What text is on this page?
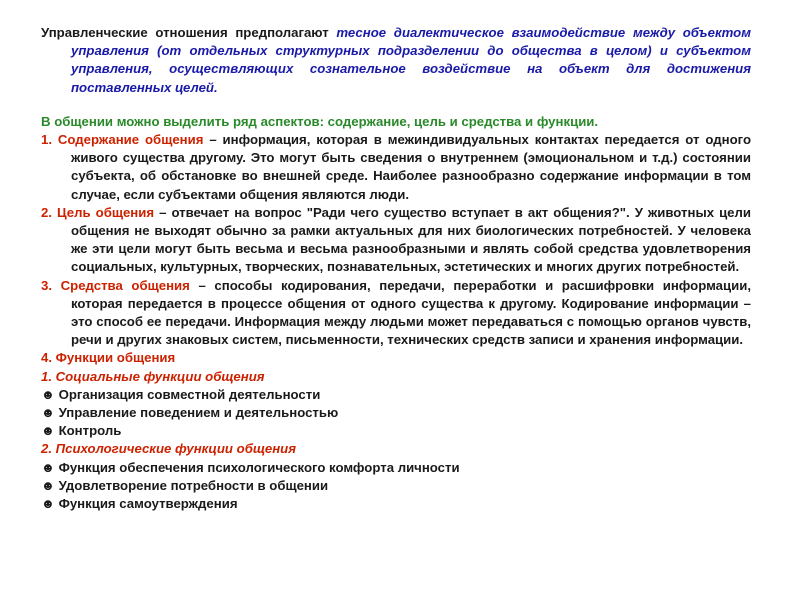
Управленческие отношения предполагают тесное диалектическое взаимодействие между объектом управления (от отдельных структурных подразделении до общества в целом) и субъектом управления, осуществляющих сознательное воздействие на объект для достижения поставленных целей.
В общении можно выделить ряд аспектов: содержание, цель и средства и функции.
1. Содержание общения – информация, которая в межиндивидуальных контактах передается от одного живого существа другому. Это могут быть сведения о внутреннем (эмоциональном и т.д.) состоянии субъекта, об обстановке во внешней среде. Наиболее разнообразно содержание информации в том случае, если субъектами общения являются люди.
2. Цель общения – отвечает на вопрос "Ради чего существо вступает в акт общения?". У животных цели общения не выходят обычно за рамки актуальных для них биологических потребностей. У человека же эти цели могут быть весьма и весьма разнообразными и являть собой средства удовлетворения социальных, культурных, творческих, познавательных, эстетических и многих других потребностей.
3. Средства общения – способы кодирования, передачи, переработки и расшифровки информации, которая передается в процессе общения от одного существа к другому. Кодирование информации – это способ ее передачи. Информация между людьми может передаваться с помощью органов чувств, речи и других знаковых систем, письменности, технических средств записи и хранения информации.
4. Функции общения
1. Социальные функции общения
☻ Организация совместной деятельности
☻ Управление поведением и деятельностью
☻ Контроль
2. Психологические функции общения
☻ Функция обеспечения психологического комфорта личности
☻ Удовлетворение потребности в общении
☻ Функция самоутверждения
